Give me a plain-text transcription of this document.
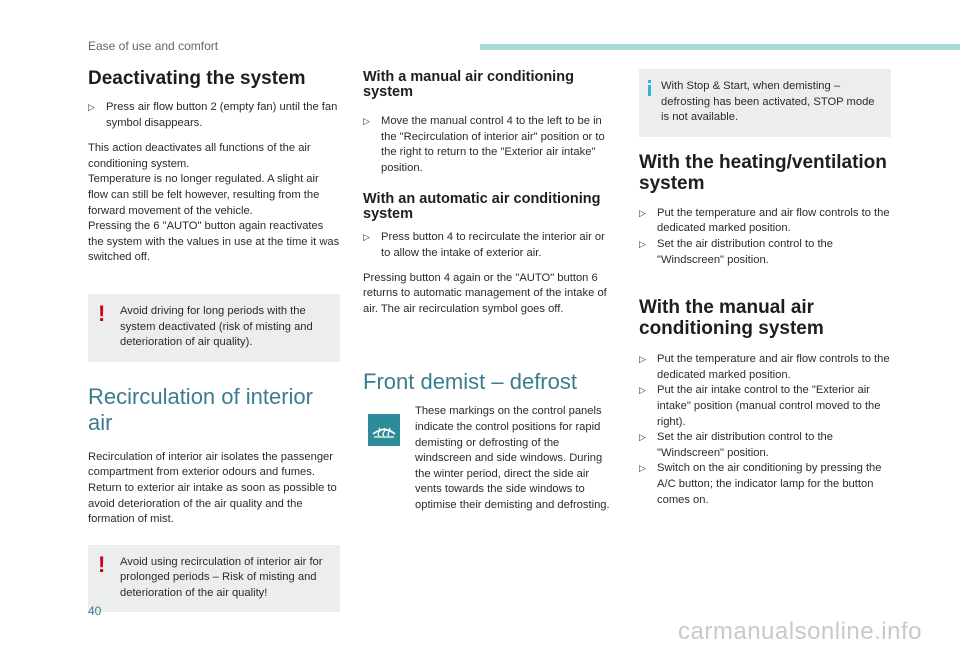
Ease of use and comfort
Deactivating the system
▷ Press air flow button 2 (empty fan) until the fan symbol disappears.

This action deactivates all functions of the air conditioning system.

Temperature is no longer regulated. A slight air flow can still be felt however, resulting from the forward movement of the vehicle.

Pressing the 6 "AUTO" button again reactivates the system with the values in use at the time it was switched off.

! Avoid driving for long periods with the system deactivated (risk of misting and deterioration of air quality).
Recirculation of interior air

Recirculation of interior air isolates the passenger compartment from exterior odours and fumes.

Return to exterior air intake as soon as possible to avoid deterioration of the air quality and the formation of mist.

! Avoid using recirculation of interior air for prolonged periods – Risk of misting and deterioration of the air quality!
With a manual air conditioning system
▷ Move the manual control 4 to the left to be in the "Recirculation of interior air" position or to the right to return to the "Exterior air intake" position.
With an automatic air conditioning system
▷ Press button 4 to recirculate the interior air or to allow the intake of exterior air.

Pressing button 4 again or the "AUTO" button 6 returns to automatic management of the intake of air. The air recirculation symbol goes off.

Front demist – defrost
These markings on the control panels indicate the control positions for rapid demisting or defrosting of the windscreen and side windows. During the winter period, direct the side air vents towards the side windows to optimise their demisting and defrosting.
With Stop & Start, when demisting – defrosting has been activated, STOP mode is not available.
With the heating/ventilation system
▷ Put the temperature and air flow controls to the dedicated marked position.
▷ Set the air distribution control to the "Windscreen" position.
With the manual air conditioning system
▷ Put the temperature and air flow controls to the dedicated marked position.
▷ Put the air intake control to the "Exterior air intake" position (manual control moved to the right).
▷ Set the air distribution control to the "Windscreen" position.
▷ Switch on the air conditioning by pressing the A/C button; the indicator lamp for the button comes on.
40
carmanualsonline.info
